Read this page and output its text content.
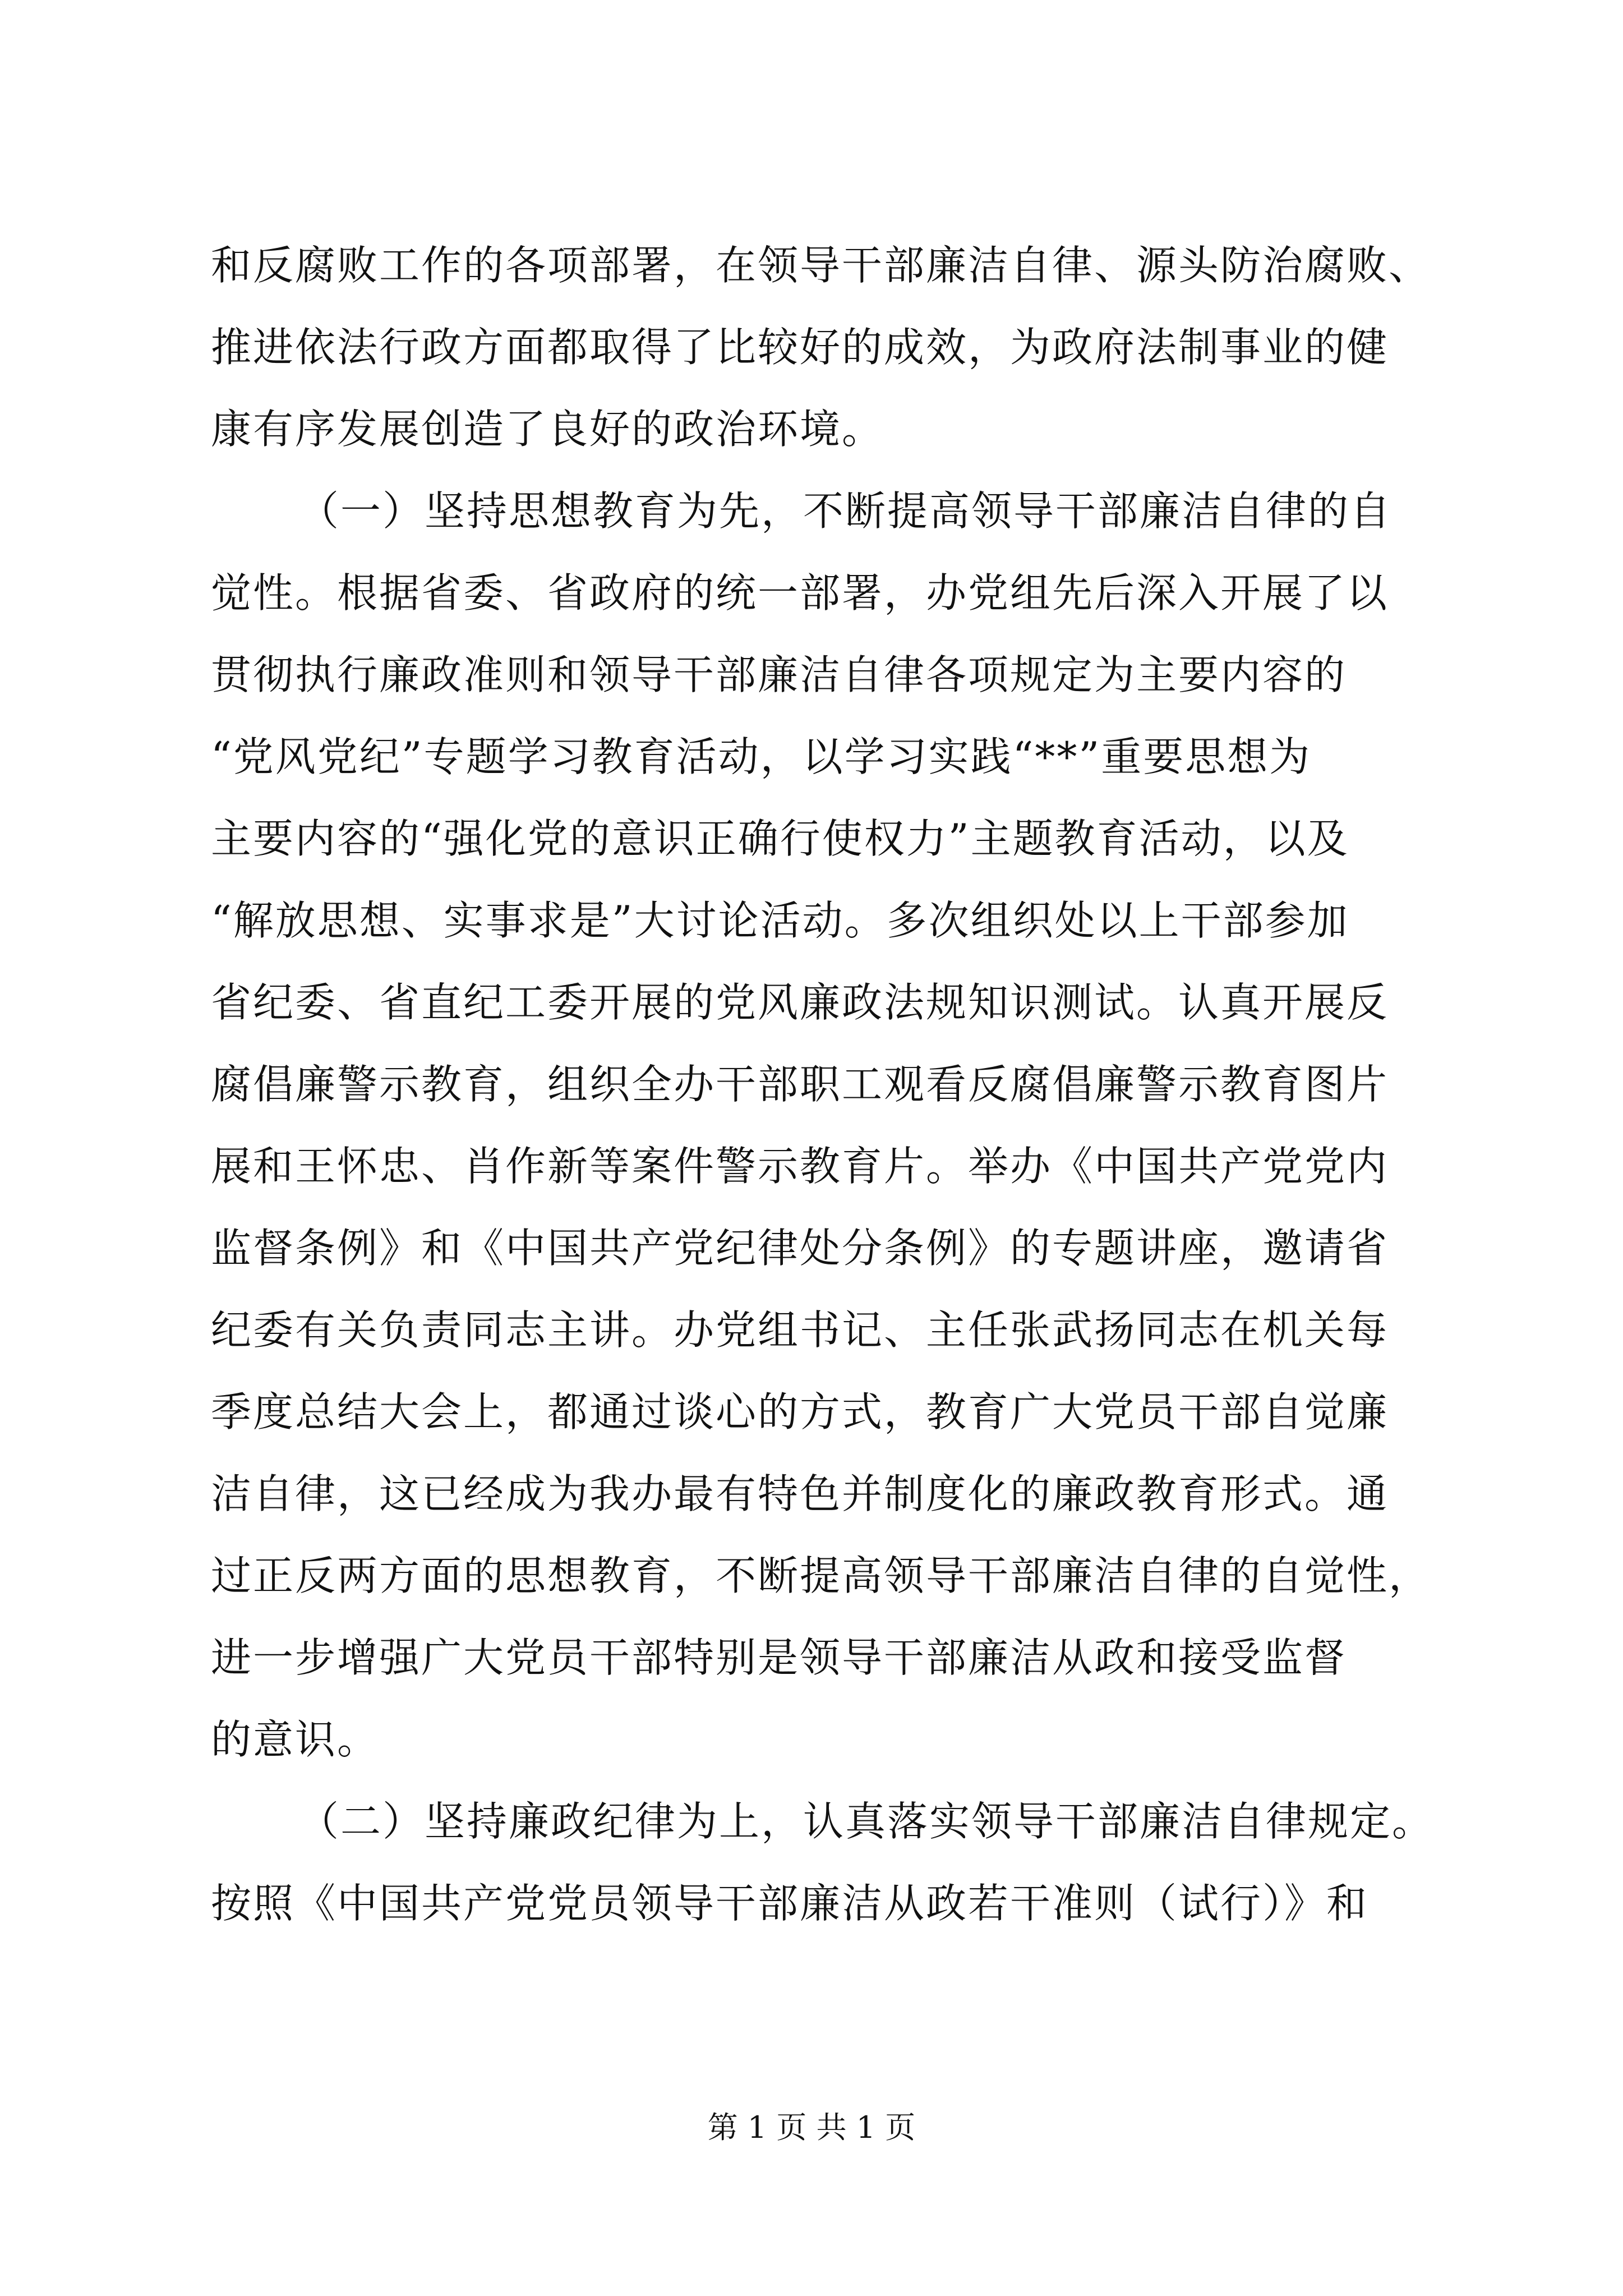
和反腐败工作的各项部署，在领导干部廉洁自律、源头防治腐败、
推进依法行政方面都取得了比较好的成效，为政府法制事业的健
康有序发展创造了良好的政治环境。
（一）坚持思想教育为先，不断提高领导干部廉洁自律的自
觉性。根据省委、省政府的统一部署，办党组先后深入开展了以
贯彻执行廉政准则和领导干部廉洁自律各项规定为主要内容的
“党风党纪”专题学习教育活动，以学习实践“**”重要思想为
主要内容的“强化党的意识正确行使权力”主题教育活动，以及
“解放思想、实事求是”大讨论活动。多次组织处以上干部参加
省纪委、省直纪工委开展的党风廉政法规知识测试。认真开展反
腐倡廉警示教育，组织全办干部职工观看反腐倡廉警示教育图片
展和王怀忠、肖作新等案件警示教育片。举办《中国共产党党内
监督条例》和《中国共产党纪律处分条例》的专题讲座，邀请省
纪委有关负责同志主讲。办党组书记、主任张武扬同志在机关每
季度总结大会上，都通过谈心的方式，教育广大党员干部自觉廉
洁自律，这已经成为我办最有特色并制度化的廉政教育形式。通
过正反两方面的思想教育，不断提高领导干部廉洁自律的自觉性，
进一步增强广大党员干部特别是领导干部廉洁从政和接受监督
的意识。
（二）坚持廉政纪律为上，认真落实领导干部廉洁自律规定。
按照《中国共产党党员领导干部廉洁从政若干准则（试行）》和
第 1 页 共 1 页
